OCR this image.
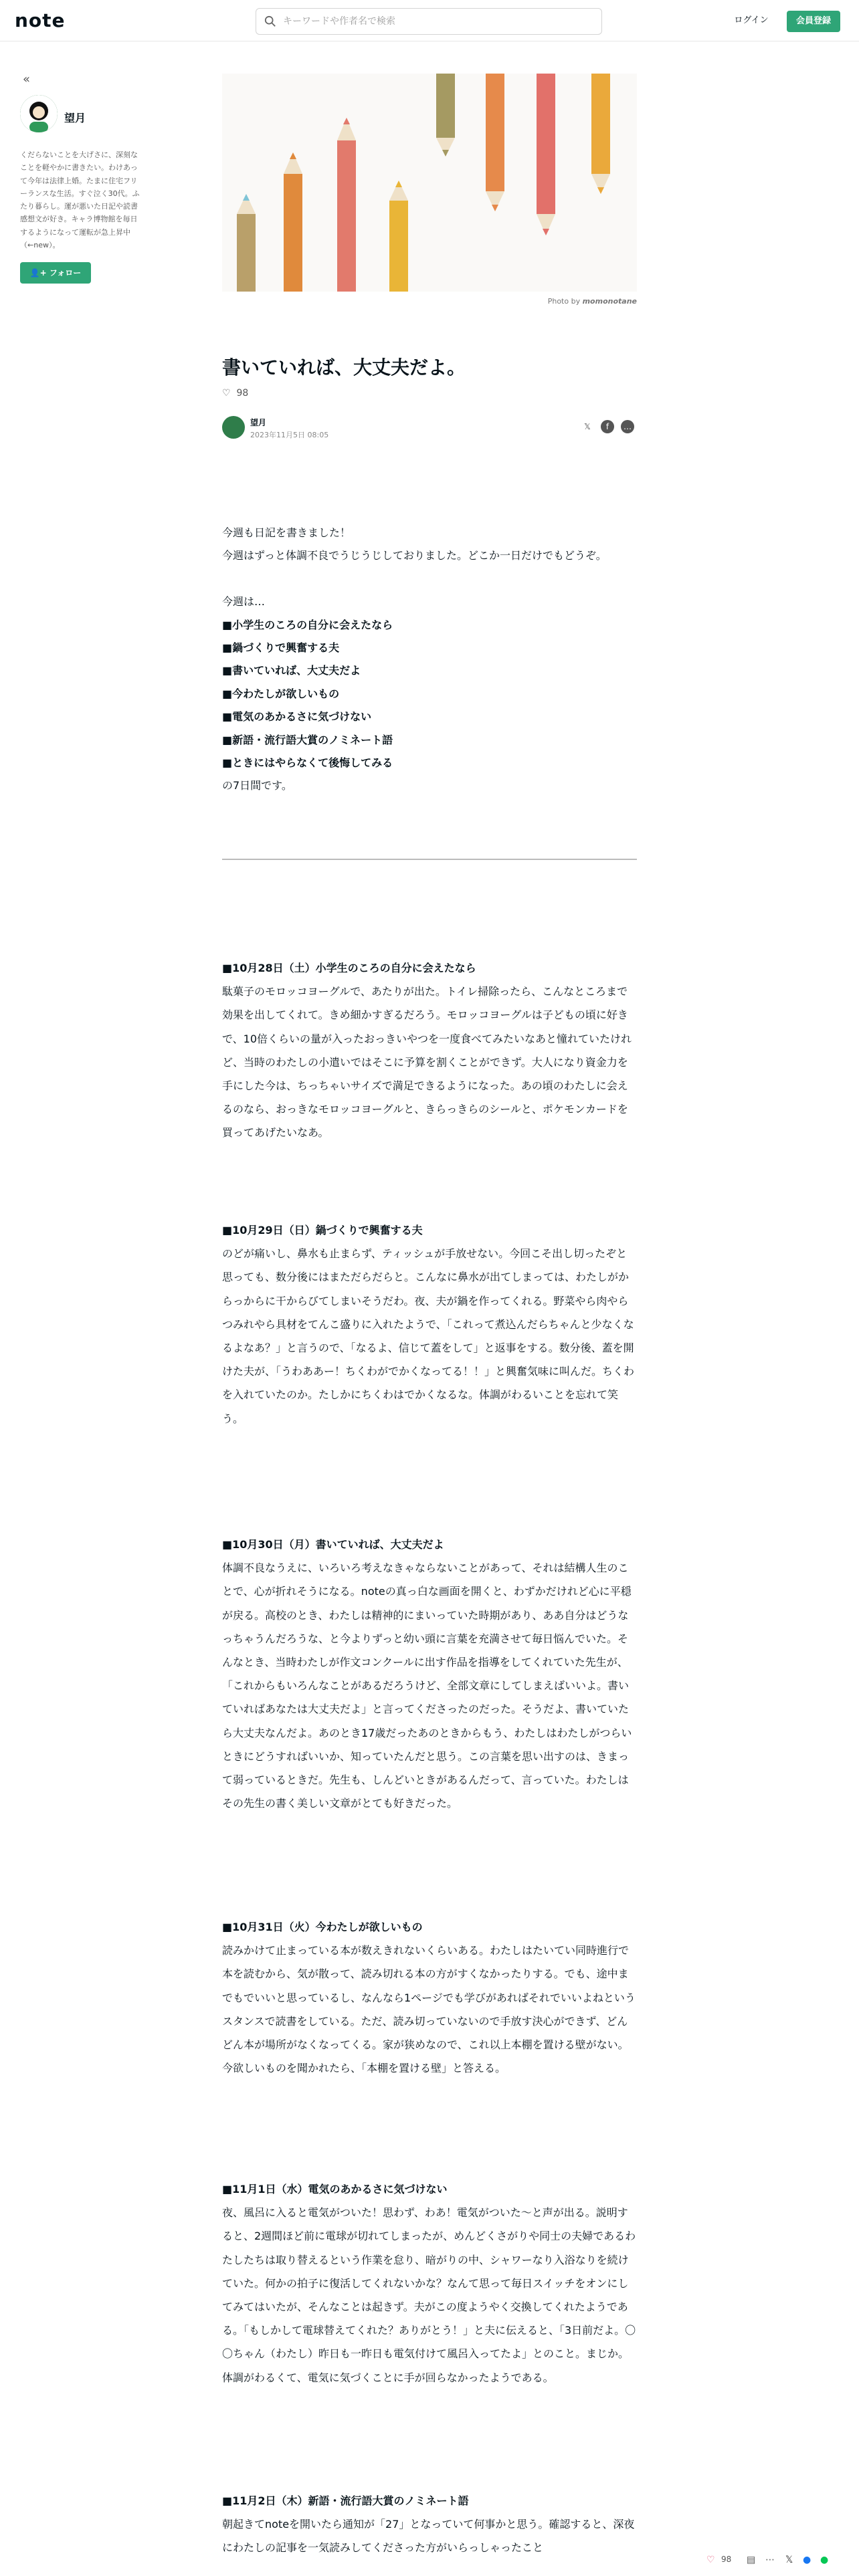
note
キーワードや作者名で検索	ログイン	会員登録
«
望月
くだらないことを大げさに、深刻なことを軽やかに書きたい。わけあって今年は法律上婚。たまに住宅フリーランスな生活。すぐ泣く30代。ふたり暮らし。運が悪いた日記や読書感想文が好き。キャラ博物館を毎日するようになって運転が急上昇中（←new）。
👤+ フォロー
Photo by momonotane
書いていれば、大丈夫だよ。
♡ 98
望月
2023年11月5日 08:05
𝕏	f	…

今週も日記を書きました！

今週はずっと体調不良でうじうじしておりました。どこか一日だけでもどうぞ。

今週は…

■小学生のころの自分に会えたなら

■鍋づくりで興奮する夫

■書いていれば、大丈夫だよ

■今わたしが欲しいもの

■電気のあかるさに気づけない

■新語・流行語大賞のノミネート語

■ときにはやらなくて後悔してみる

の7日間です。

■10月28日（土）小学生のころの自分に会えたなら
駄菓子のモロッコヨーグルで、あたりが出た。トイレ掃除ったら、こんなところまで効果を出してくれて。きめ細かすぎるだろう。モロッコヨーグルは子どもの頃に好きで、10倍くらいの量が入ったおっきいやつを一度食べてみたいなあと憧れていたけれど、当時のわたしの小遣いではそこに予算を割くことができず。大人になり資金力を手にした今は、ちっちゃいサイズで満足できるようになった。あの頃のわたしに会えるのなら、おっきなモロッコヨーグルと、きらっきらのシールと、ポケモンカードを買ってあげたいなあ。
■10月29日（日）鍋づくりで興奮する夫
のどが痛いし、鼻水も止まらず、ティッシュが手放せない。今回こそ出し切ったぞと思っても、数分後にはまただらだらと。こんなに鼻水が出てしまっては、わたしがからっからに干からびてしまいそうだわ。夜、夫が鍋を作ってくれる。野菜やら肉やらつみれやら具材をてんこ盛りに入れたようで、「これって煮込んだらちゃんと少なくなるよなあ？」と言うので、「なるよ、信じて蓋をして」と返事をする。数分後、蓋を開けた夫が、「うわああー！ちくわがでかくなってる！！」と興奮気味に叫んだ。ちくわを入れていたのか。たしかにちくわはでかくなるな。体調がわるいことを忘れて笑う。
■10月30日（月）書いていれば、大丈夫だよ
体調不良なうえに、いろいろ考えなきゃならないことがあって、それは結構人生のことで、心が折れそうになる。noteの真っ白な画面を開くと、わずかだけれど心に平穏が戻る。高校のとき、わたしは精神的にまいっていた時期があり、ああ自分はどうなっちゃうんだろうな、と今よりずっと幼い頭に言葉を充満させて毎日悩んでいた。そんなとき、当時わたしが作文コンクールに出す作品を指導をしてくれていた先生が、「これからもいろんなことがあるだろうけど、全部文章にしてしまえばいいよ。書いていればあなたは大丈夫だよ」と言ってくださったのだった。そうだよ、書いていたら大丈夫なんだよ。あのとき17歳だったあのときからもう、わたしはわたしがつらいときにどうすればいいか、知っていたんだと思う。この言葉を思い出すのは、きまって弱っているときだ。先生も、しんどいときがあるんだって、言っていた。わたしはその先生の書く美しい文章がとても好きだった。
■10月31日（火）今わたしが欲しいもの
読みかけて止まっている本が数えきれないくらいある。わたしはたいてい同時進行で本を読むから、気が散って、読み切れる本の方がすくなかったりする。でも、途中までもでいいと思っているし、なんなら1ページでも学びがあればそれでいいよねというスタンスで読書をしている。ただ、読み切っていないので手放す決心ができず、どんどん本が場所がなくなってくる。家が狭めなので、これ以上本棚を置ける壁がない。今欲しいものを聞かれたら、「本棚を置ける壁」と答える。
■11月1日（水）電気のあかるさに気づけない
夜、風呂に入ると電気がついた！思わず、わあ！電気がついた〜と声が出る。説明すると、2週間ほど前に電球が切れてしまったが、めんどくさがりや同士の夫婦であるわたしたちは取り替えるという作業を怠り、暗がりの中、シャワーなり入浴なりを続けていた。何かの拍子に復活してくれないかな？なんて思って毎日スイッチをオンにしてみてはいたが、そんなことは起きず。夫がこの度ようやく交換してくれたようである。「もしかして電球替えてくれた？ありがとう！」と夫に伝えると、「3日前だよ。〇〇ちゃん（わたし）昨日も一昨日も電気付けて風呂入ってたよ」とのこと。まじか。体調がわるくて、電気に気づくことに手が回らなかったようである。
■11月2日（木）新語・流行語大賞のノミネート語
朝起きてnoteを開いたら通知が「27」となっていて何事かと思う。確認すると、深夜にわたしの記事を一気読みしてくださった方がいらっしゃったこと
♡ 98 ▤ ⋯ 𝕏 ● ●
